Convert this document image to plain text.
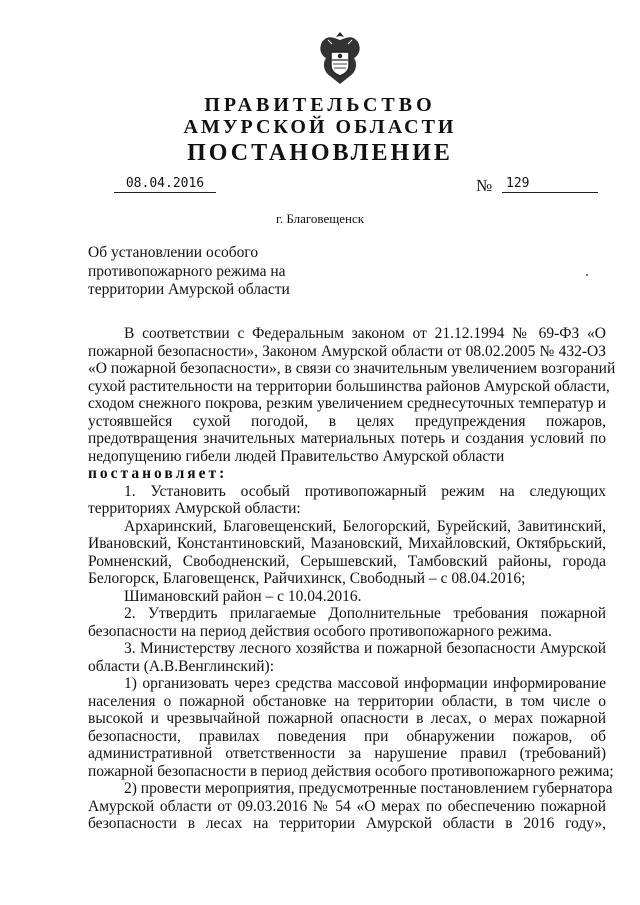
ПРАВИТЕЛЬСТВО
АМУРСКОЙ ОБЛАСТИ
ПОСТАНОВЛЕНИЕ
08.04.2016	№	129
г. Благовещенск
Об установлении особого
противопожарного режима на
территории Амурской области
В соответствии с Федеральным законом от 21.12.1994 № 69-ФЗ «О
пожарной безопасности», Законом Амурской области от 08.02.2005 № 432-ОЗ
«О пожарной безопасности», в связи со значительным увеличением возгораний
сухой растительности на территории большинства районов Амурской области,
сходом снежного покрова, резким увеличением среднесуточных температур и
устоявшейся сухой погодой, в целях предупреждения пожаров,
предотвращения значительных материальных потерь и создания условий по
недопущению гибели людей Правительство Амурской области
постановляет:
1. Установить особый противопожарный режим на следующих
территориях Амурской области:
Архаринский, Благовещенский, Белогорский, Бурейский, Завитинский,
Ивановский, Константиновский, Мазановский, Михайловский, Октябрьский,
Ромненский, Свободненский, Серышевский, Тамбовский районы, города
Белогорск, Благовещенск, Райчихинск, Свободный – с 08.04.2016;
Шимановский район – с 10.04.2016.
2. Утвердить прилагаемые Дополнительные требования пожарной
безопасности на период действия особого противопожарного режима.
3. Министерству лесного хозяйства и пожарной безопасности Амурской
области (А.В.Венглинский):
1) организовать через средства массовой информации информирование
населения о пожарной обстановке на территории области, в том числе о
высокой и чрезвычайной пожарной опасности в лесах, о мерах пожарной
безопасности, правилах поведения при обнаружении пожаров, об
административной ответственности за нарушение правил (требований)
пожарной безопасности в период действия особого противопожарного режима;
2) провести мероприятия, предусмотренные постановлением губернатора
Амурской области от 09.03.2016 № 54 «О мерах по обеспечению пожарной
безопасности в лесах на территории Амурской области в 2016 году»,
